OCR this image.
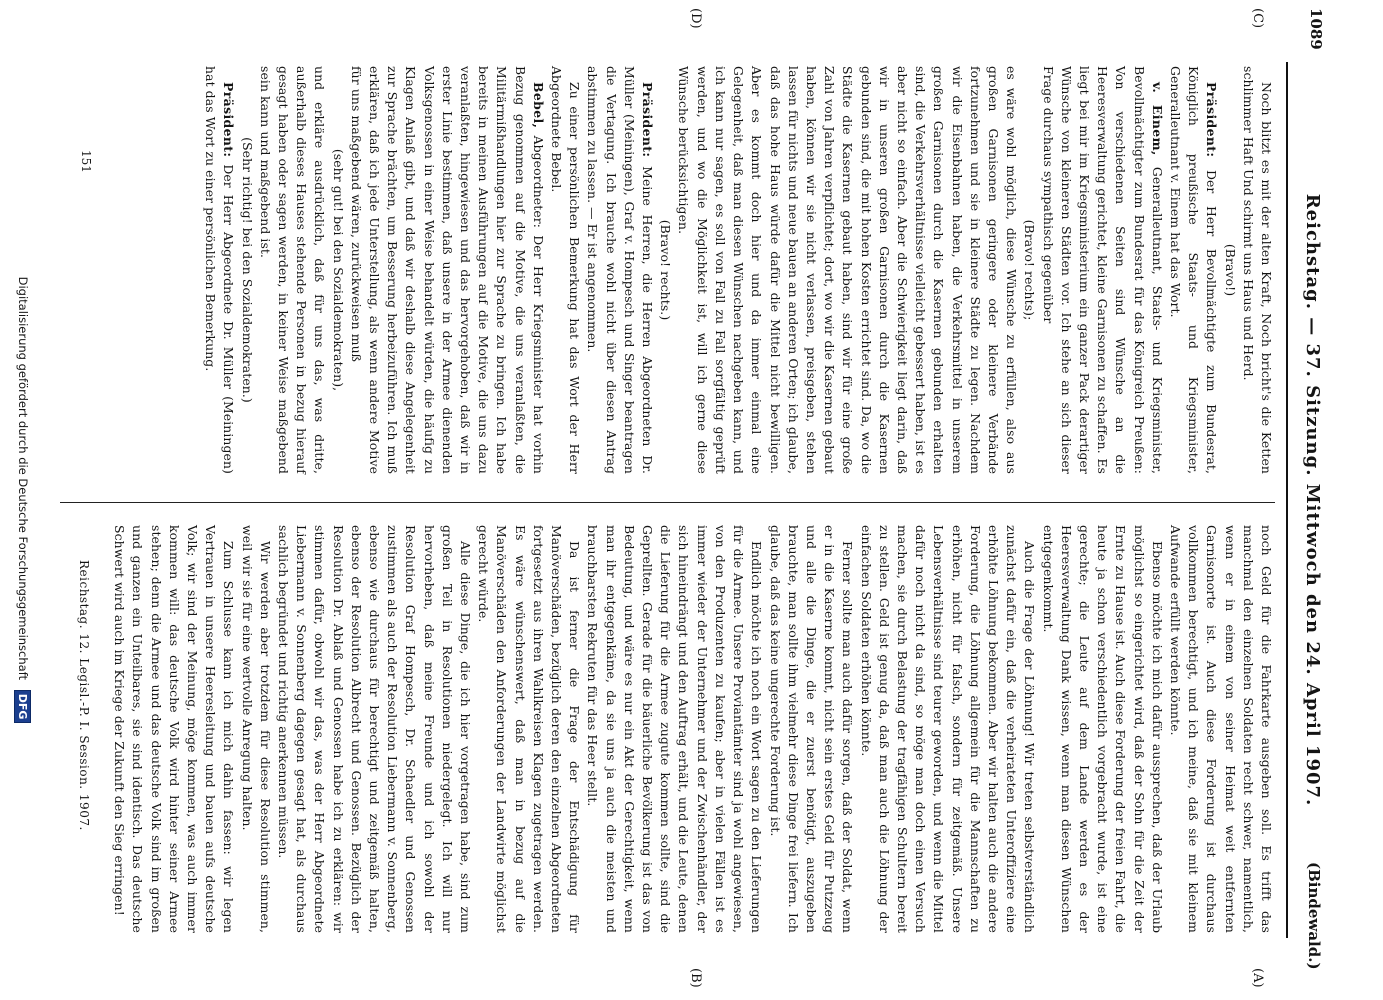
1089
(Bindewald.)
Reichstag. — 37. Sitzung. Mittwoch den 24. April 1907.
(A)
(B)
(C)
(D)

noch Geld für die Fahrkarte ausgeben soll. Es trifft das manchmal den einzelnen Soldaten recht schwer, namentlich, wenn er in einem von seiner Heimat weit entfernten Garnisonorte ist. Auch diese Forderung ist durchaus vollkommen berechtigt, und ich meine, daß sie mit kleinem Aufwande erfüllt werden könnte.

Ebenso möchte ich mich dafür aussprechen, daß der Urlaub möglichst so eingerichtet wird, daß der Sohn für die Zeit der Ernte zu Hause ist. Auch diese Forderung der freien Fahrt, die heute ja schon verschiedentlich vorgebracht wurde, ist eine gerechte; die Leute auf dem Lande werden es der Heeresverwaltung Dank wissen, wenn man diesen Wünschen entgegenkommt.

Auch die Frage der Löhnung! Wir treten selbstverständlich zunächst dafür ein, daß die verheirateten Unteroffiziere eine erhöhte Löhnung bekommen. Aber wir halten auch die andere Forderung, die Löhnung allgemein für die Mannschaften zu erhöhen, nicht für falsch, sondern für zeitgemäß. Unsere Lebensverhältnisse sind teurer geworden, und wenn die Mittel dafür noch nicht da sind, so möge man doch einen Versuch machen, sie durch Belastung der tragfähigen Schultern bereit zu stellen. Geld ist genug da, daß man auch die Löhnung der einfachen Soldaten erhöhen könnte.

Ferner sollte man auch dafür sorgen, daß der Soldat, wenn er in die Kaserne kommt, nicht sein erstes Geld für Putzzeug und alle die Dinge, die er zuerst benötigt, auszugeben brauchte, man sollte ihm vielmehr diese Dinge frei liefern. Ich glaube, daß das keine ungerechte Forderung ist.

Endlich möchte ich noch ein Wort sagen zu den Lieferungen für die Armee. Unsere Proviantämter sind ja wohl angewiesen, von den Produzenten zu kaufen; aber in vielen Fällen ist es immer wieder der Unternehmer und der Zwischenhändler, der sich hineindrängt und den Auftrag erhält, und die Leute, denen die Lieferung für die Armee zugute kommen sollte, sind die Geprellten. Gerade für die bäuerliche Bevölkerung ist das von Bedeutung, und wäre es nur ein Akt der Gerechtigkeit, wenn man ihr entgegenkäme, da sie uns ja auch die meisten und brauchbarsten Rekruten für das Heer stellt.

Da ist ferner die Frage der Entschädigung für Manöverschäden, bezüglich deren den einzelnen Abgeordneten fortgesetzt aus ihren Wahlkreisen Klagen zugetragen werden. Es wäre wünschenswert, daß man in bezug auf die Manöverschäden den Anforderungen der Landwirte möglichst gerecht würde.

Alle diese Dinge, die ich hier vorgetragen habe, sind zum großen Teil in Resolutionen niedergelegt. Ich will nur hervorheben, daß meine Freunde und ich sowohl der Resolution Graf Hompesch, Dr. Schaedler und Genossen zustimmen als auch der Resolution Liebermann v. Sonnenberg, ebenso wie durchaus für berechtigt und zeitgemäß halten, ebenso der Resolution Albrecht und Genossen. Bezüglich der Resolution Dr. Ablaß und Genossen habe ich zu erklären: wir stimmen dafür, obwohl wir das, was der Herr Abgeordnete Liebermann v. Sonnenberg dagegen gesagt hat, als durchaus sachlich begründet und richtig anerkennen müssen.

Wir werden aber trotzdem für diese Resolution stimmen, weil wir sie für eine wertvolle Anregung halten.

Zum Schlusse kann ich mich dahin fassen: wir legen Vertrauen in unsere Heeresleitung und bauen aufs deutsche Volk; wir sind der Meinung, möge kommen, was auch immer kommen will: das deutsche Volk wird hinter seiner Armee stehen; denn die Armee und das deutsche Volk sind im großen und ganzen ein Unteilbares, sie sind identisch. Das deutsche Schwert wird auch im Kriege der Zukunft den Sieg erringen!

Noch blitzt es mit der alten Kraft, Noch bricht's die Ketten schlimmer Haft Und schirmt uns Haus und Herd.

(Bravo!)

Präsident: Der Herr Bevollmächtigte zum Bundesrat, Königlich preußische Staats- und Kriegsminister, Generalleutnant v. Einem hat das Wort.

v. Einem, Generalleutnant, Staats- und Kriegsminister, Bevollmächtigter zum Bundesrat für das Königreich Preußen: Von verschiedenen Seiten sind Wünsche an die Heeresverwaltung gerichtet, kleine Garnisonen zu schaffen. Es liegt bei mir im Kriegsministerium ein ganzer Pack derartiger Wünsche von kleineren Städten vor. Ich stehe an sich dieser Frage durchaus sympathisch gegenüber

(Bravo! rechts);

es wäre wohl möglich, diese Wünsche zu erfüllen, also aus großen Garnisonen geringere oder kleinere Verbände fortzunehmen und sie in kleinere Städte zu legen. Nachdem wir die Eisenbahnen haben, die Verkehrsmittel in unserem großen Garnisonen durch die Kasernen gebunden erhalten sind, die Verkehrsverhältnisse vielleicht gebessert haben, ist es aber nicht so einfach. Aber die Schwierigkeit liegt darin, daß wir in unseren großen Garnisonen durch die Kasernen gebunden sind, die mit hohen Kosten errichtet sind. Da, wo die Städte die Kasernen gebaut haben, sind wir für eine große Zahl von Jahren verpflichtet; dort, wo wir die Kasernen gebaut haben, können wir sie nicht verlassen, preisgeben, stehen lassen für nichts und neue bauen an anderen Orten; ich glaube, daß das hohe Haus würde dafür die Mittel nicht bewilligen. Aber es kommt doch hier und da immer einmal eine Gelegenheit, daß man diesen Wünschen nachgeben kann, und ich kann nur sagen, es soll von Fall zu Fall sorgfältig geprüft werden, und wo die Möglichkeit ist, will ich gerne diese Wünsche berücksichtigen.

(Bravo! rechts.)

Präsident: Meine Herren, die Herren Abgeordneten Dr. Müller (Meiningen), Graf v. Hompesch und Singer beantragen die Vertagung. Ich brauche wohl nicht über diesen Antrag abstimmen zu lassen. — Er ist angenommen.

Zu einer persönlichen Bemerkung hat das Wort der Herr Abgeordnete Bebel.

Bebel, Abgeordneter: Der Herr Kriegsminister hat vorhin Bezug genommen auf die Motive, die uns veranlaßten, die Militärmißhandlungen hier zur Sprache zu bringen. Ich habe bereits in meinen Ausführungen auf die Motive, die uns dazu veranlaßten, hingewiesen und das hervorgehoben, daß wir in erster Linie bestimmen, daß unsere in der Armee dienenden Volksgenossen in einer Weise behandelt würden, die häufig zu Klagen Anlaß gibt, und daß wir deshalb diese Angelegenheit zur Sprache brächten, um Besserung herbeizuführen. Ich muß erklären, daß ich jede Unterstellung, als wenn andere Motive für uns maßgebend wären, zurückweisen muß

(sehr gut! bei den Sozialdemokraten),

und erkläre ausdrücklich, daß für uns das, was dritte, außerhalb dieses Hauses stehende Personen in bezug hierauf gesagt haben oder sagen werden, in keiner Weise maßgebend sein kann und maßgebend ist.

(Sehr richtig! bei den Sozialdemokraten.)

Präsident: Der Herr Abgeordnete Dr. Müller (Meiningen) hat das Wort zu einer persönlichen Bemerkung.

Reichstag. 12. Legisl.-P. I. Session. 1907.
151
Digitalisierung gefördert durch die Deutsche Forschungsgemeinschaft DFG
